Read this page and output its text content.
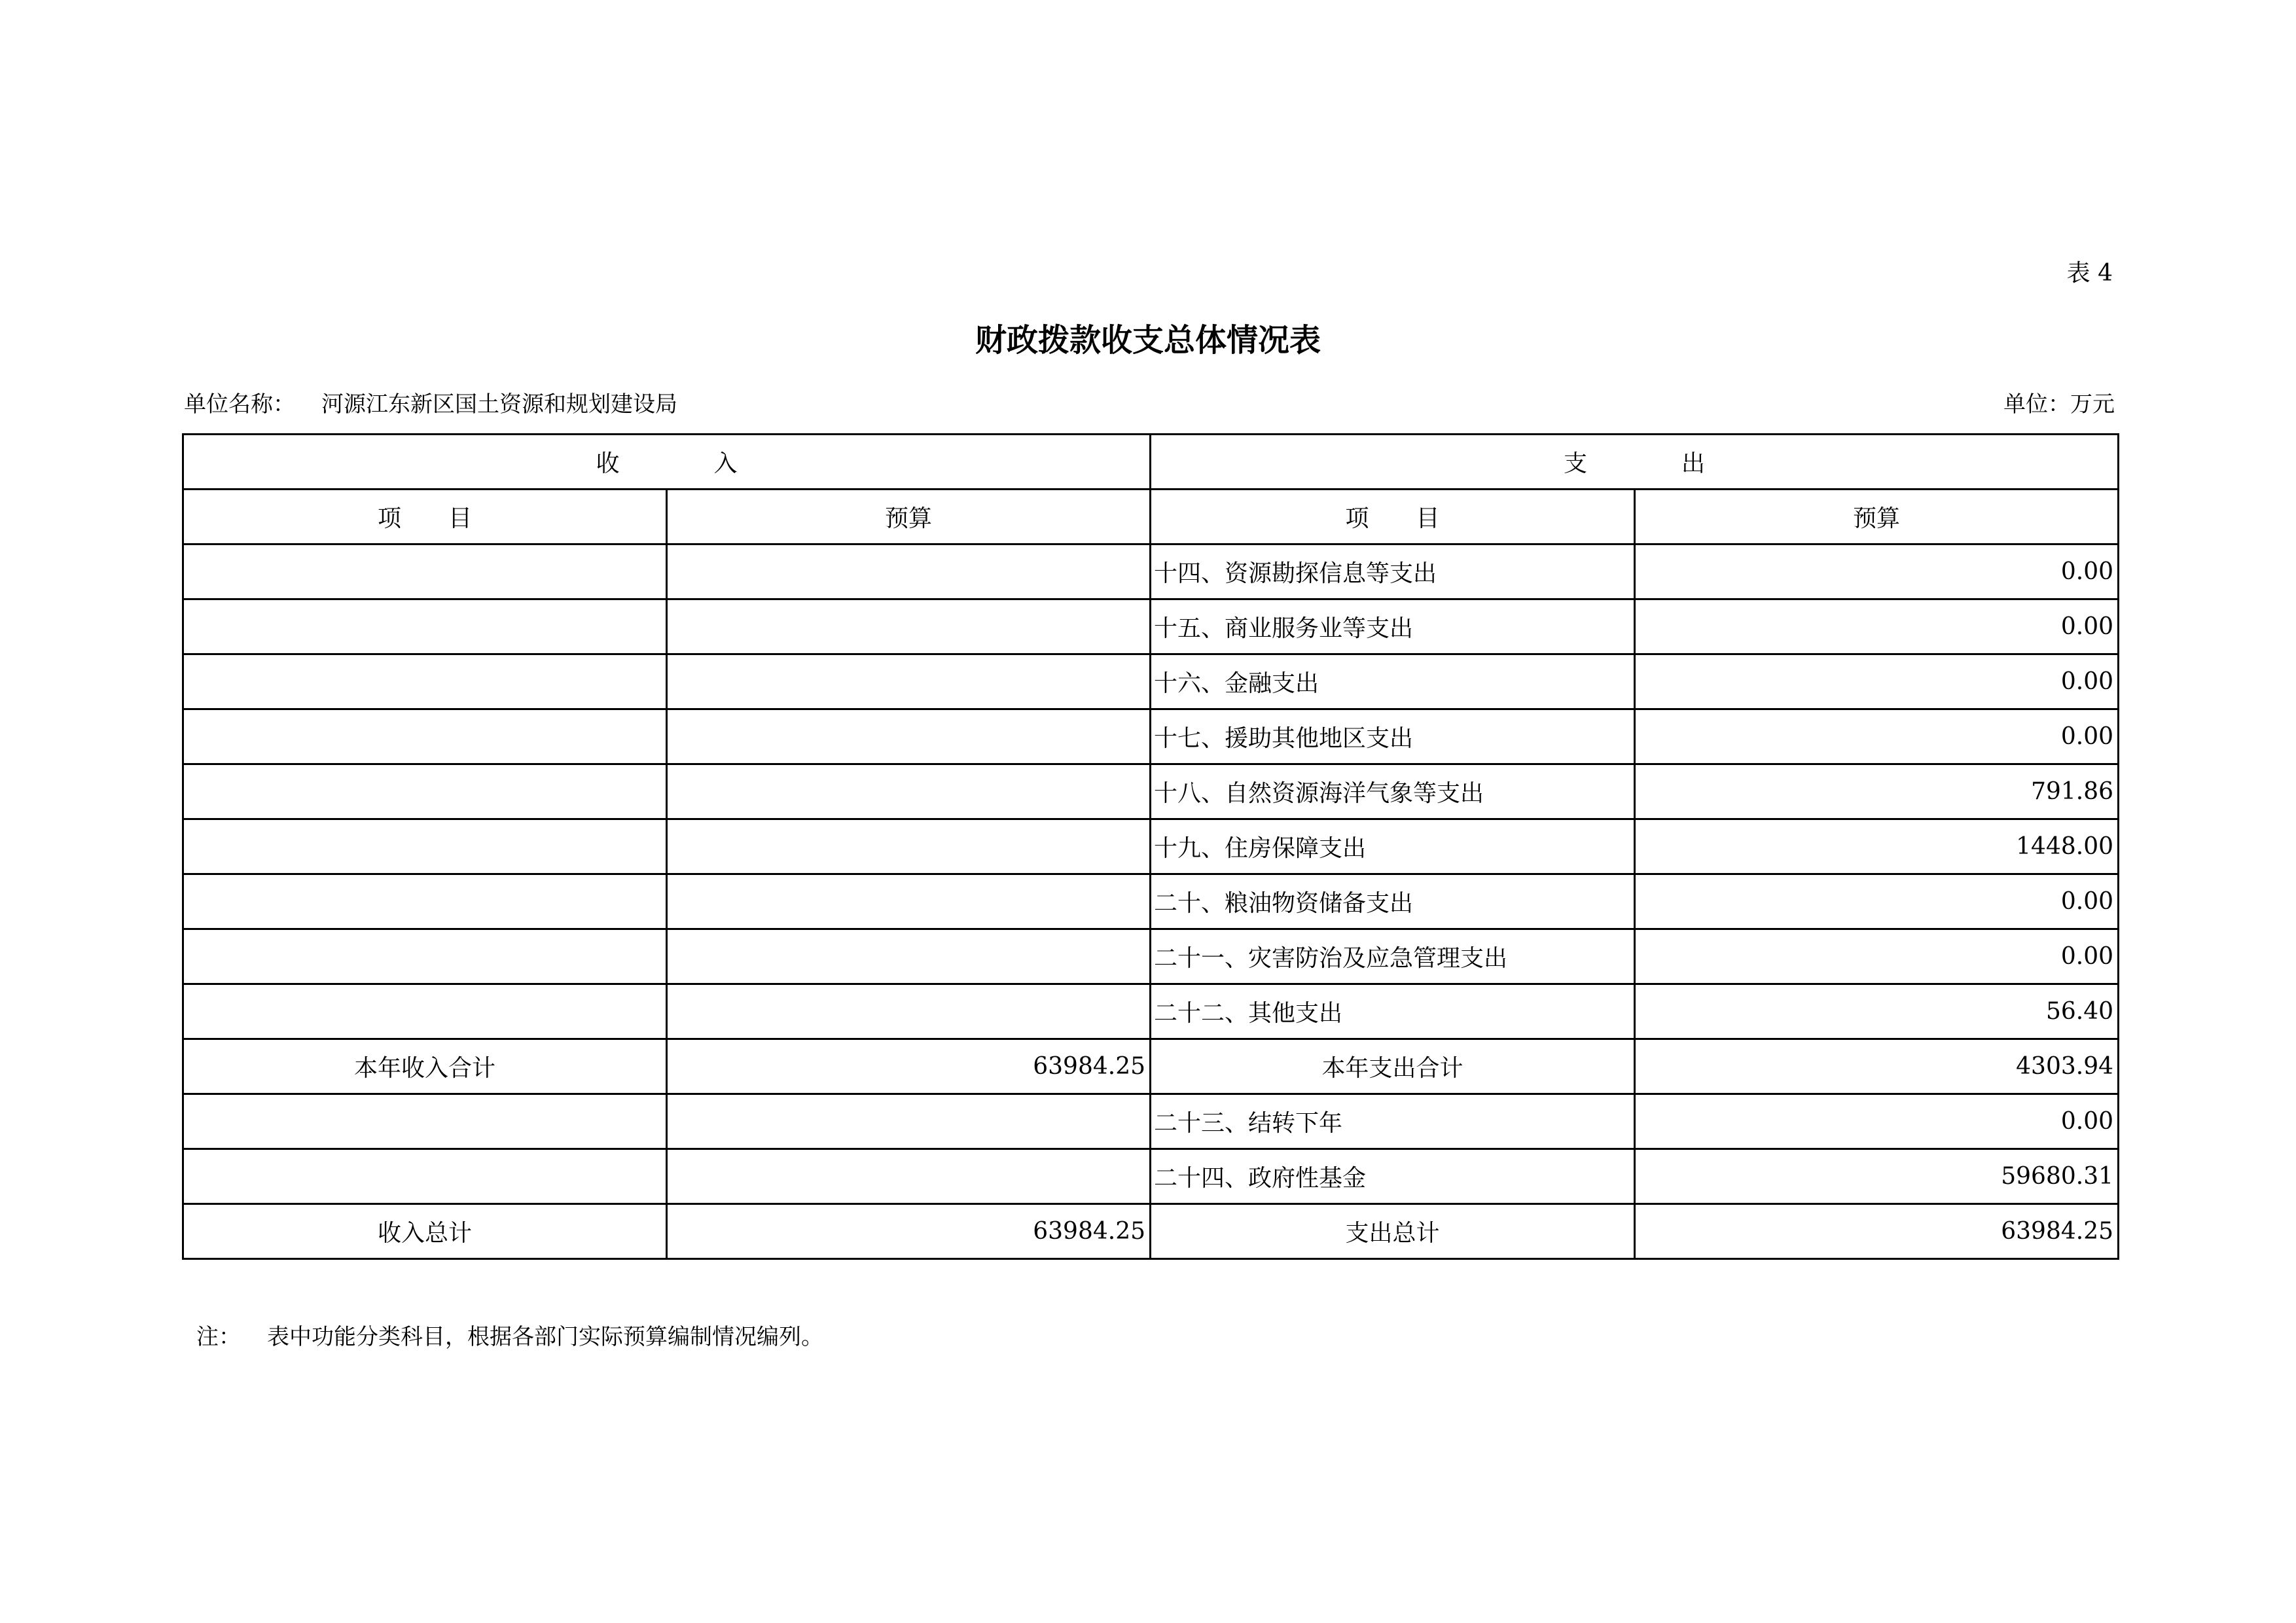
表 4
财政拨款收支总体情况表
单位名称： 河源江东新区国土资源和规划建设局	单位：万元
收　　　　入		支　　　　出	
项　　目	预算	项　　目	预算
		十四、资源勘探信息等支出	0.00
		十五、商业服务业等支出	0.00
		十六、金融支出	0.00
		十七、援助其他地区支出	0.00
		十八、自然资源海洋气象等支出	791.86
		十九、住房保障支出	1448.00
		二十、粮油物资储备支出	0.00
		二十一、灾害防治及应急管理支出	0.00
		二十二、其他支出	56.40
本年收入合计	63984.25	本年支出合计	4303.94
		二十三、结转下年	0.00
		二十四、政府性基金	59680.31
收入总计	63984.25	支出总计	63984.25
注： 表中功能分类科目，根据各部门实际预算编制情况编列。
